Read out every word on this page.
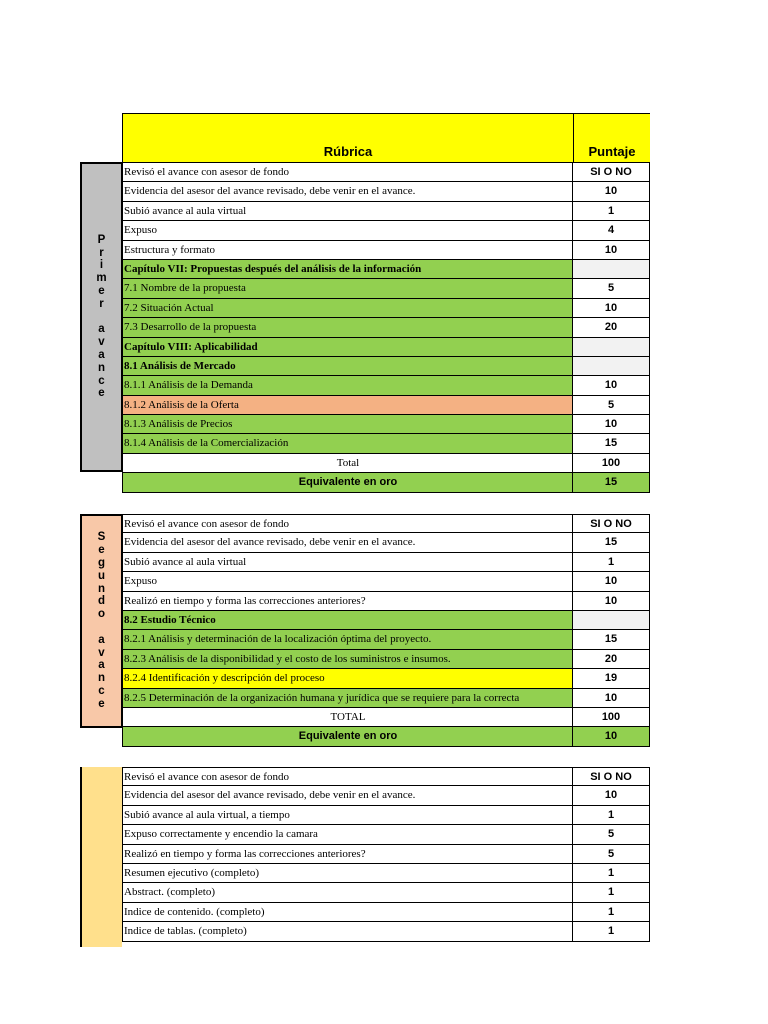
Rúbrica	Puntaje
P
r
i
m
e
r
a
v
a
n
c
e
Revisó el avance con asesor de fondo	SI O NO
Evidencia del asesor del avance revisado, debe venir en el avance.	10
Subió avance al aula virtual	1
Expuso	4
Estructura y formato	10
Capítulo VII: Propuestas después del análisis de la información
7.1 Nombre de la propuesta	5
7.2 Situación Actual	10
7.3 Desarrollo de la propuesta	20
Capítulo VIII: Aplicabilidad
8.1 Análisis de Mercado
8.1.1 Análisis de la Demanda	10
8.1.2 Análisis de la Oferta	5
8.1.3 Análisis de Precios	10
8.1.4 Análisis de la Comercialización	15
Total	100
Equivalente en oro	15
S
e
g
u
n
d
o
a
v
a
n
c
e
Revisó el avance con asesor de fondo	SI O NO
Evidencia del asesor del avance revisado, debe venir en el avance.	15
Subió avance al aula virtual	1
Expuso	10
Realizó en tiempo y forma las correcciones anteriores?	10
8.2 Estudio Técnico
8.2.1 Análisis y determinación de la localización óptima del proyecto.	15
8.2.3 Análisis de la disponibilidad y el costo de los suministros e insumos.	20
8.2.4 Identificación y descripción del proceso	19
8.2.5 Determinación de la organización humana y jurídica que se requiere para la correcta	10
TOTAL	100
Equivalente en oro	10
Revisó el avance con asesor de fondo	SI O NO
Evidencia del asesor del avance revisado, debe venir en el avance.	10
Subió avance al aula virtual, a tiempo	1
Expuso correctamente y encendio la camara	5
Realizó en tiempo y forma las correcciones anteriores?	5
Resumen ejecutivo (completo)	1
Abstract. (completo)	1
Indice de contenido. (completo)	1
Indice de tablas. (completo)	1
